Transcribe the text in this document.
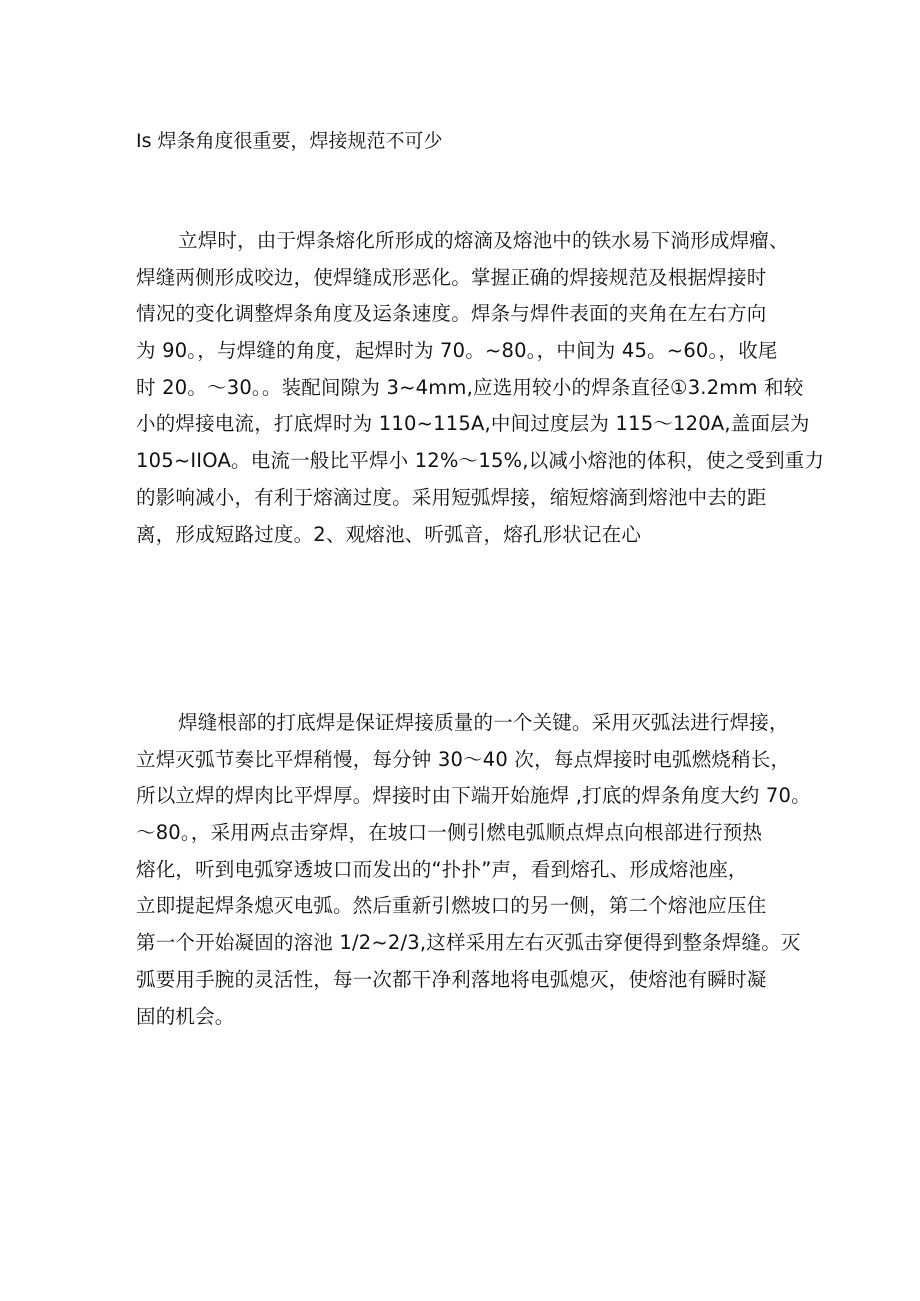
Is 焊条角度很重要，焊接规范不可少

立焊时，由于焊条熔化所形成的熔滴及熔池中的铁水易下淌形成焊瘤、
焊缝两侧形成咬边，使焊缝成形恶化。掌握正确的焊接规范及根据焊接时
情况的变化调整焊条角度及运条速度。焊条与焊件表面的夹角在左右方向
为 90。，与焊缝的角度，起焊时为 70。~80。，中间为 45。~60。，收尾
时 20。～30。。装配间隙为 3~4mm,应选用较小的焊条直径①3.2mm 和较
小的焊接电流，打底焊时为 110~115A,中间过度层为 115～120A,盖面层为
105~IIOA。电流一般比平焊小 12%～15%,以减小熔池的体积，使之受到重力
的影响减小，有利于熔滴过度。采用短弧焊接，缩短熔滴到熔池中去的距
离，形成短路过度。2、观熔池、听弧音，熔孔形状记在心

焊缝根部的打底焊是保证焊接质量的一个关键。采用灭弧法进行焊接，
立焊灭弧节奏比平焊稍慢，每分钟 30～40 次，每点焊接时电弧燃烧稍长，
所以立焊的焊肉比平焊厚。焊接时由下端开始施焊 ,打底的焊条角度大约 70。
～80。，采用两点击穿焊，在坡口一侧引燃电弧顺点焊点向根部进行预热
熔化，听到电弧穿透坡口而发出的“扑扑”声，看到熔孔、形成熔池座，
立即提起焊条熄灭电弧。然后重新引燃坡口的另一侧，第二个熔池应压住
第一个开始凝固的溶池 1/2~2/3,这样采用左右灭弧击穿便得到整条焊缝。灭
弧要用手腕的灵活性，每一次都干净利落地将电弧熄灭，使熔池有瞬时凝
固的机会。
